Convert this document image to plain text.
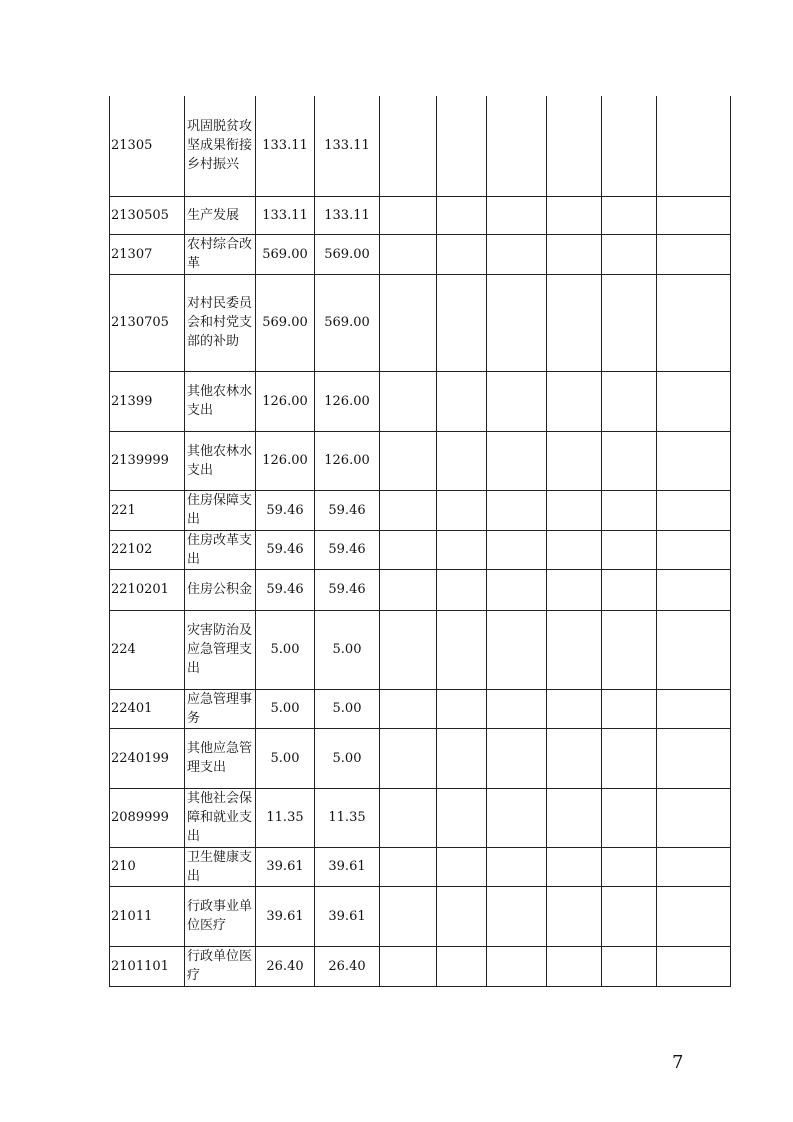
21305	巩固脱贫攻坚成果衔接乡村振兴	133.11	133.11						
2130505	生产发展	133.11	133.11						
21307	农村综合改革	569.00	569.00						
2130705	对村民委员会和村党支部的补助	569.00	569.00						
21399	其他农林水支出	126.00	126.00						
2139999	其他农林水支出	126.00	126.00						
221	住房保障支出	59.46	59.46						
22102	住房改革支出	59.46	59.46						
2210201	住房公积金	59.46	59.46						
224	灾害防治及应急管理支出	5.00	5.00						
22401	应急管理事务	5.00	5.00						
2240199	其他应急管理支出	5.00	5.00						
2089999	其他社会保障和就业支出	11.35	11.35						
210	卫生健康支出	39.61	39.61						
21011	行政事业单位医疗	39.61	39.61						
2101101	行政单位医疗	26.40	26.40						
7
